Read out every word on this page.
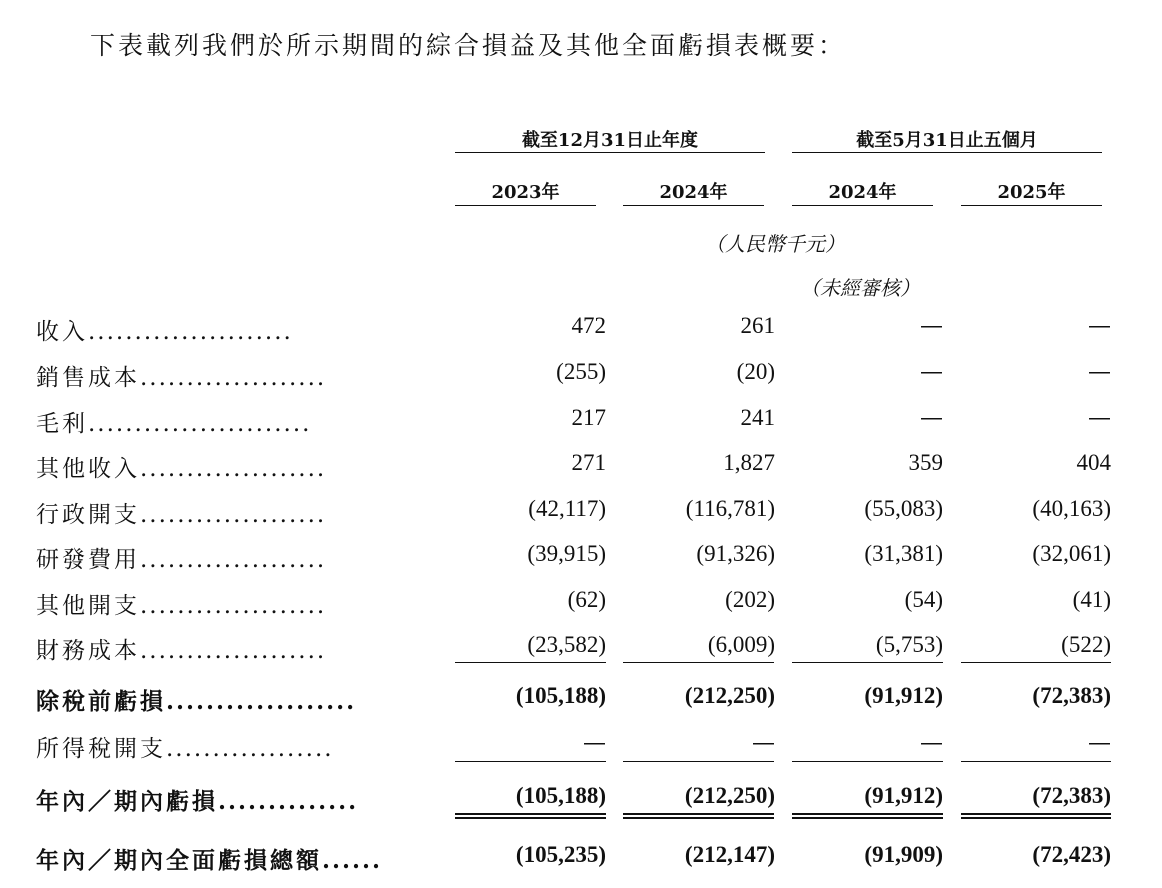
下表載列我們於所示期間的綜合損益及其他全面虧損表概要：
截至12月31日止年度	截至5月31日止五個月
2023年	2024年	2024年	2025年
（人民幣千元）
（未經審核）
收入......................	472	261	—	—
銷售成本....................	(255)	(20)	—	—
毛利........................	217	241	—	—
其他收入....................	271	1,827	359	404
行政開支....................	(42,117)	(116,781)	(55,083)	(40,163)
研發費用....................	(39,915)	(91,326)	(31,381)	(32,061)
其他開支....................	(62)	(202)	(54)	(41)
財務成本....................	(23,582)	(6,009)	(5,753)	(522)
除稅前虧損...................	(105,188)	(212,250)	(91,912)	(72,383)
所得稅開支..................	—	—	—	—
年內／期內虧損..............	(105,188)	(212,250)	(91,912)	(72,383)
年內／期內全面虧損總額......	(105,235)	(212,147)	(91,909)	(72,423)
